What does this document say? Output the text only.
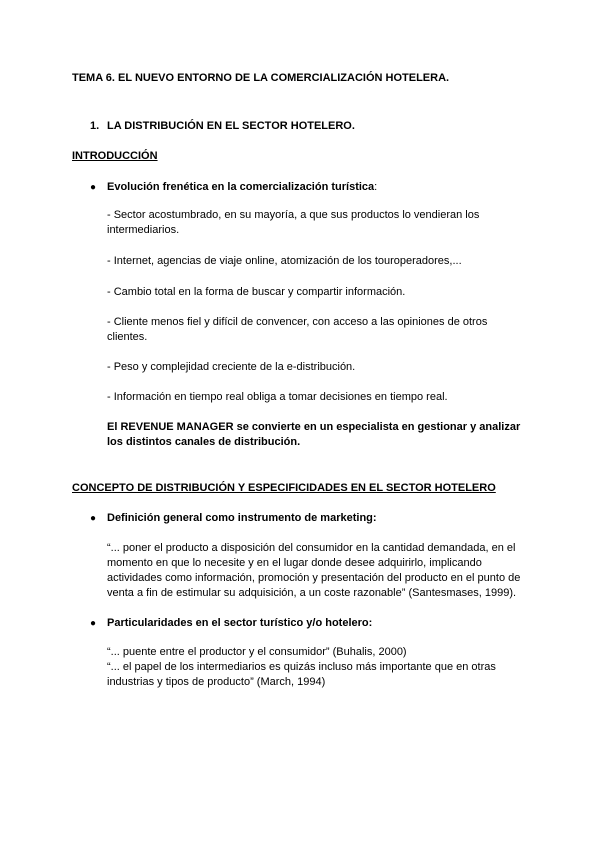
TEMA 6. EL NUEVO ENTORNO DE LA COMERCIALIZACIÓN HOTELERA.
1. LA DISTRIBUCIÓN EN EL SECTOR HOTELERO.
INTRODUCCIÓN
● Evolución frenética en la comercialización turística:
- Sector acostumbrado, en su mayoría, a que sus productos lo vendieran los
intermediarios.
- Internet, agencias de viaje online, atomización de los touroperadores,...
- Cambio total en la forma de buscar y compartir información.
- Cliente menos fiel y difícil de convencer, con acceso a las opiniones de otros
clientes.
- Peso y complejidad creciente de la e-distribución.
- Información en tiempo real obliga a tomar decisiones en tiempo real.
El REVENUE MANAGER se convierte en un especialista en gestionar y analizar
los distintos canales de distribución.
CONCEPTO DE DISTRIBUCIÓN Y ESPECIFICIDADES EN EL SECTOR HOTELERO
● Definición general como instrumento de marketing:
“... poner el producto a disposición del consumidor en la cantidad demandada, en el
momento en que lo necesite y en el lugar donde desee adquirirlo, implicando
actividades como información, promoción y presentación del producto en el punto de
venta a fin de estimular su adquisición, a un coste razonable” (Santesmases, 1999).
● Particularidades en el sector turístico y/o hotelero:
“... puente entre el productor y el consumidor” (Buhalis, 2000)
“... el papel de los intermediarios es quizás incluso más importante que en otras
industrias y tipos de producto” (March, 1994)
